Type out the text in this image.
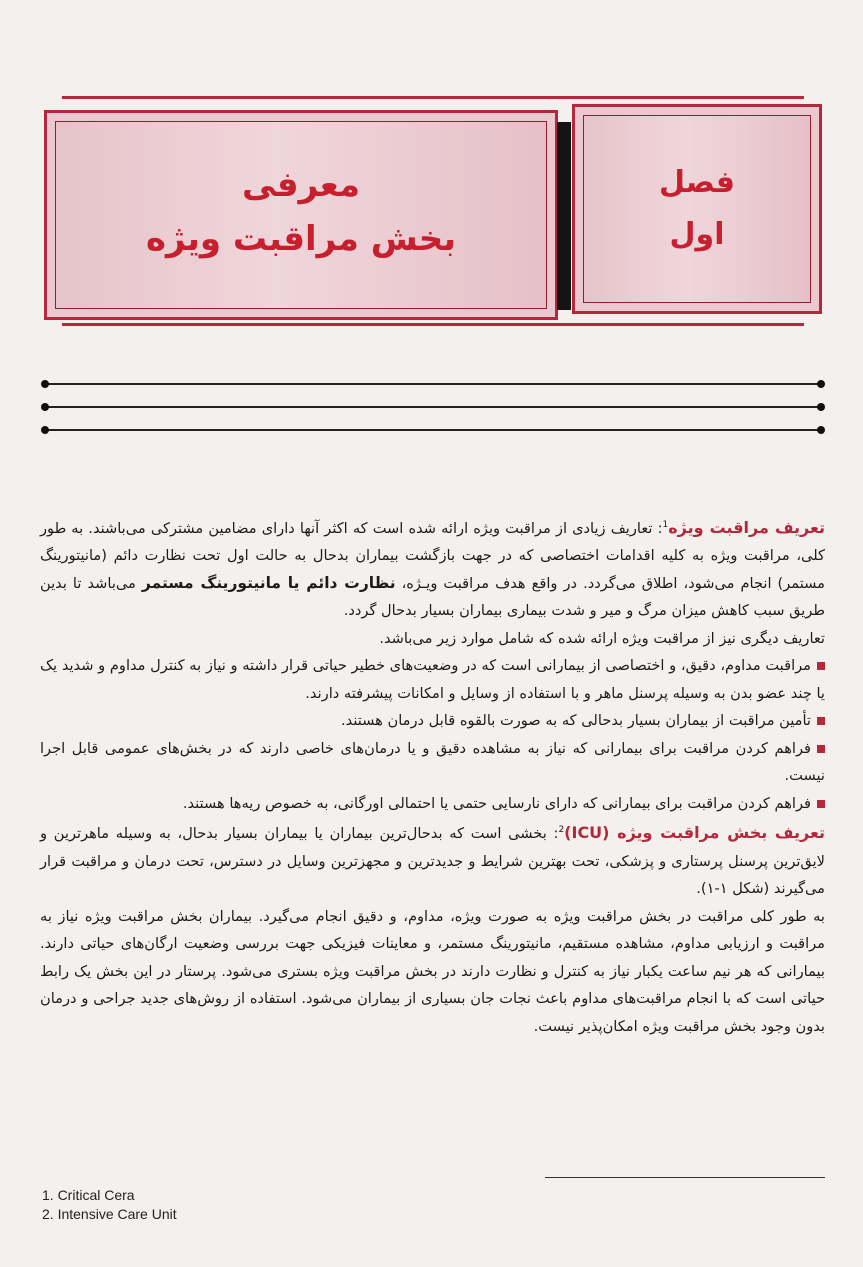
معرفی
بخش مراقبت ویژه
فصل
اول

تعریف مراقبت ویژه$^1$: تعاریف زیادی از مراقبت ویژه ارائه شده است که اکثر آنها دارای مضامین مشترکی می‌باشند. به طور کلی، مراقبت ویژه به کلیه اقدامات اختصاصی که در جهت بازگشت بیماران بدحال به حالت اول تحت نظارت دائم (مانیتورینگ مستمر) انجام می‌شود، اطلاق می‌گردد. در واقع هدف مراقبت ویـژه، نظارت دائم یا مانیتورینگ مستمر می‌باشد تا بدین طریق سبب کاهش میزان مرگ و میر و شدت بیماری بیماران بسیار بدحال گردد.

تعاریف دیگری نیز از مراقبت ویژه ارائه شده که شامل موارد زیر می‌باشد.

مراقبت مداوم، دقیق، و اختصاصی از بیمارانی است که در وضعیت‌های خطیر حیاتی قرار داشته و نیاز به کنترل مداوم و شدید یک یا چند عضو بدن به وسیله پرسنل ماهر و با استفاده از وسایل و امکانات پیشرفته دارند.

تأمین مراقبت از بیماران بسیار بدحالی که به صورت بالقوه قابل درمان هستند.

فراهم کردن مراقبت برای بیمارانی که نیاز به مشاهده دقیق و یا درمان‌های خاصی دارند که در بخش‌های عمومی قابل اجرا نیست.

فراهم کردن مراقبت برای بیمارانی که دارای نارسایی حتمی یا احتمالی اورگانی، به خصوص ریه‌ها هستند.

تعریف بخش مراقبت ویژه (ICU)$^2$: بخشی است که بدحال‌ترین بیماران یا بیماران بسیار بدحال، به وسیله ماهرترین و لایق‌ترین پرسنل پرستاری و پزشکی، تحت بهترین شرایط و جدیدترین و مجهزترین وسایل در دسترس، تحت درمان و مراقبت قرار می‌گیرند (شکل ۱-۱).

به طور کلی مراقبت در بخش مراقبت ویژه به صورت ویژه، مداوم، و دقیق انجام می‌گیرد. بیماران بخش مراقبت ویژه نیاز به مراقبت و ارزیابی مداوم، مشاهده مستقیم، مانیتورینگ مستمر، و معاینات فیزیکی جهت بررسی وضعیت ارگان‌های حیاتی دارند. بیمارانی که هر نیم ساعت یکبار نیاز به کنترل و نظارت دارند در بخش مراقبت ویژه بستری می‌شود. پرستار در این بخش یک رابط حیاتی است که با انجام مراقبت‌های مداوم باعث نجات جان بسیاری از بیماران می‌شود. استفاده از روش‌های جدید جراحی و درمان بدون وجود بخش مراقبت ویژه امکان‌پذیر نیست.

1. Critical Cera
2. Intensive Care Unit
